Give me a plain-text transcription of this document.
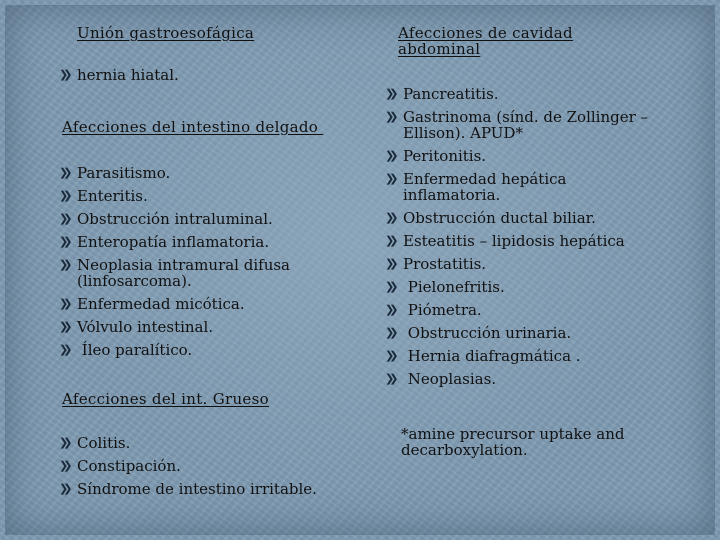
Unión gastroesofágica
❯❯
hernia hiatal.
Afecciones del intestino delgado
❯❯
Parasitismo.
❯❯
Enteritis.
❯❯
Obstrucción intraluminal.
❯❯
Enteropatía inflamatoria.
❯❯
Neoplasia intramural difusa (linfosarcoma).
❯❯
Enfermedad micótica.
❯❯
Vólvulo intestinal.
❯❯
Íleo paralítico.
Afecciones del int. Grueso
❯❯
Colitis.
❯❯
Constipación.
❯❯
Síndrome de intestino irritable.
Afecciones de cavidad abdominal
❯❯
Pancreatitis.
❯❯
Gastrinoma (sínd. de Zollinger – Ellison). APUD*
❯❯
Peritonitis.
❯❯
Enfermedad hepática inflamatoria.
❯❯
Obstrucción ductal biliar.
❯❯
Esteatitis – lipidosis hepática
❯❯
Prostatitis.
❯❯
Pielonefritis.
❯❯
Piómetra.
❯❯
Obstrucción urinaria.
❯❯
Hernia diafragmática .
❯❯
Neoplasias.
*amine precursor uptake and decarboxylation.
